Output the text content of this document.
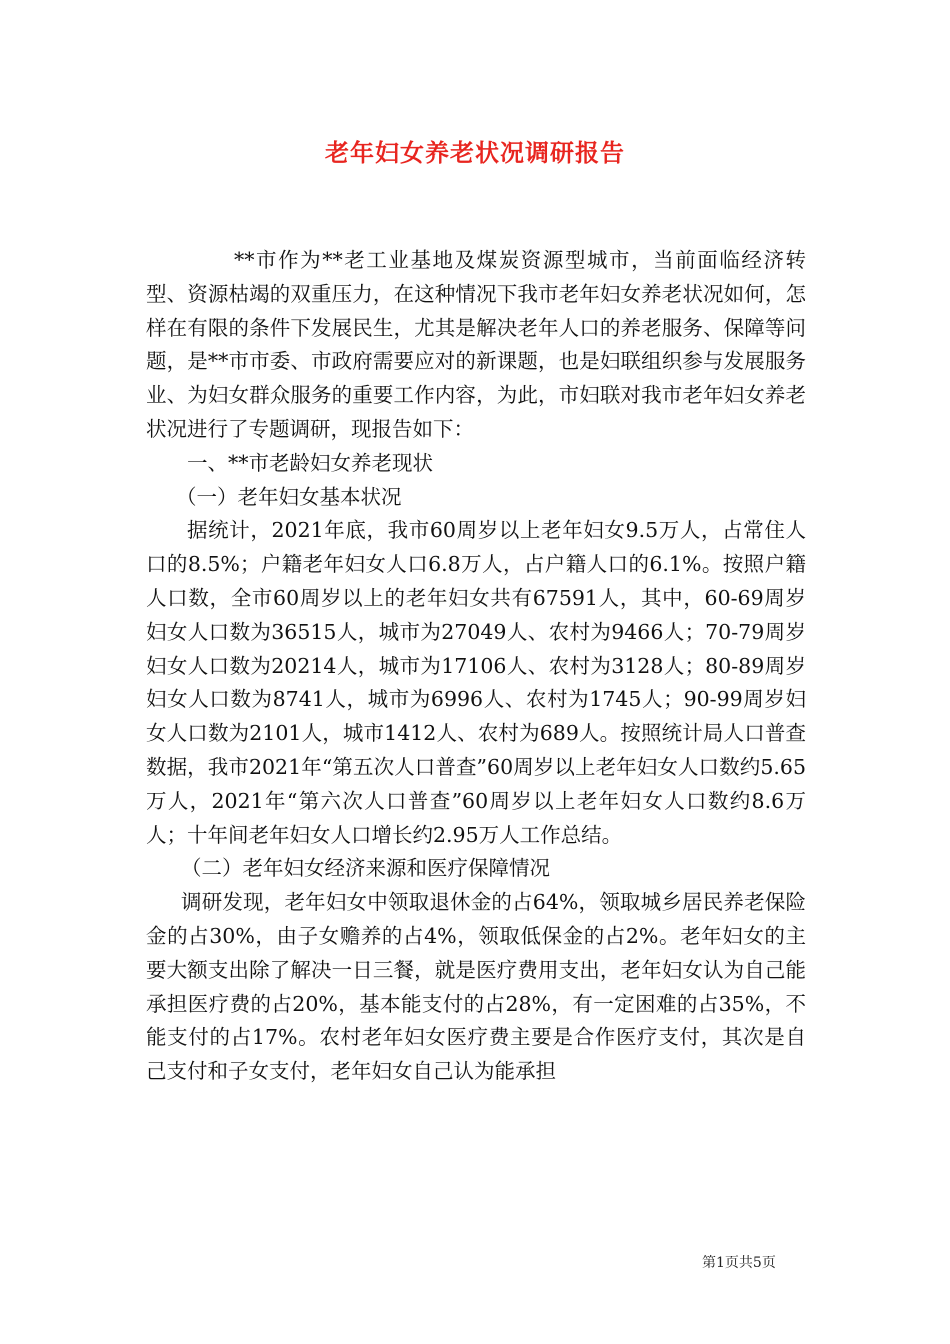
老年妇女养老状况调研报告

**市作为**老工业基地及煤炭资源型城市，当前面临经济转型、资源枯竭的双重压力，在这种情况下我市老年妇女养老状况如何，怎样在有限的条件下发展民生，尤其是解决老年人口的养老服务、保障等问题，是**市市委、市政府需要应对的新课题，也是妇联组织参与发展服务业、为妇女群众服务的重要工作内容，为此，市妇联对我市老年妇女养老状况进行了专题调研，现报告如下：

一、**市老龄妇女养老现状

（一）老年妇女基本状况

据统计，2021年底，我市60周岁以上老年妇女9.5万人，占常住人口的8.5%；户籍老年妇女人口6.8万人，占户籍人口的6.1%。按照户籍人口数，全市60周岁以上的老年妇女共有67591人，其中，60-69周岁妇女人口数为36515人，城市为27049人、农村为9466人；70-79周岁妇女人口数为20214人，城市为17106人、农村为3128人；80-89周岁妇女人口数为8741人，城市为6996人、农村为1745人；90-99周岁妇女人口数为2101人，城市1412人、农村为689人。按照统计局人口普查数据，我市2021年“第五次人口普查”60周岁以上老年妇女人口数约5.65万人，2021年“第六次人口普查”60周岁以上老年妇女人口数约8.6万人；十年间老年妇女人口增长约2.95万人工作总结。

（二）老年妇女经济来源和医疗保障情况

调研发现，老年妇女中领取退休金的占64%，领取城乡居民养老保险金的占30%，由子女赡养的占4%，领取低保金的占2%。老年妇女的主要大额支出除了解决一日三餐，就是医疗费用支出，老年妇女认为自己能承担医疗费的占20%，基本能支付的占28%，有一定困难的占35%，不能支付的占17%。农村老年妇女医疗费主要是合作医疗支付，其次是自己支付和子女支付，老年妇女自己认为能承担

第1页共5页
